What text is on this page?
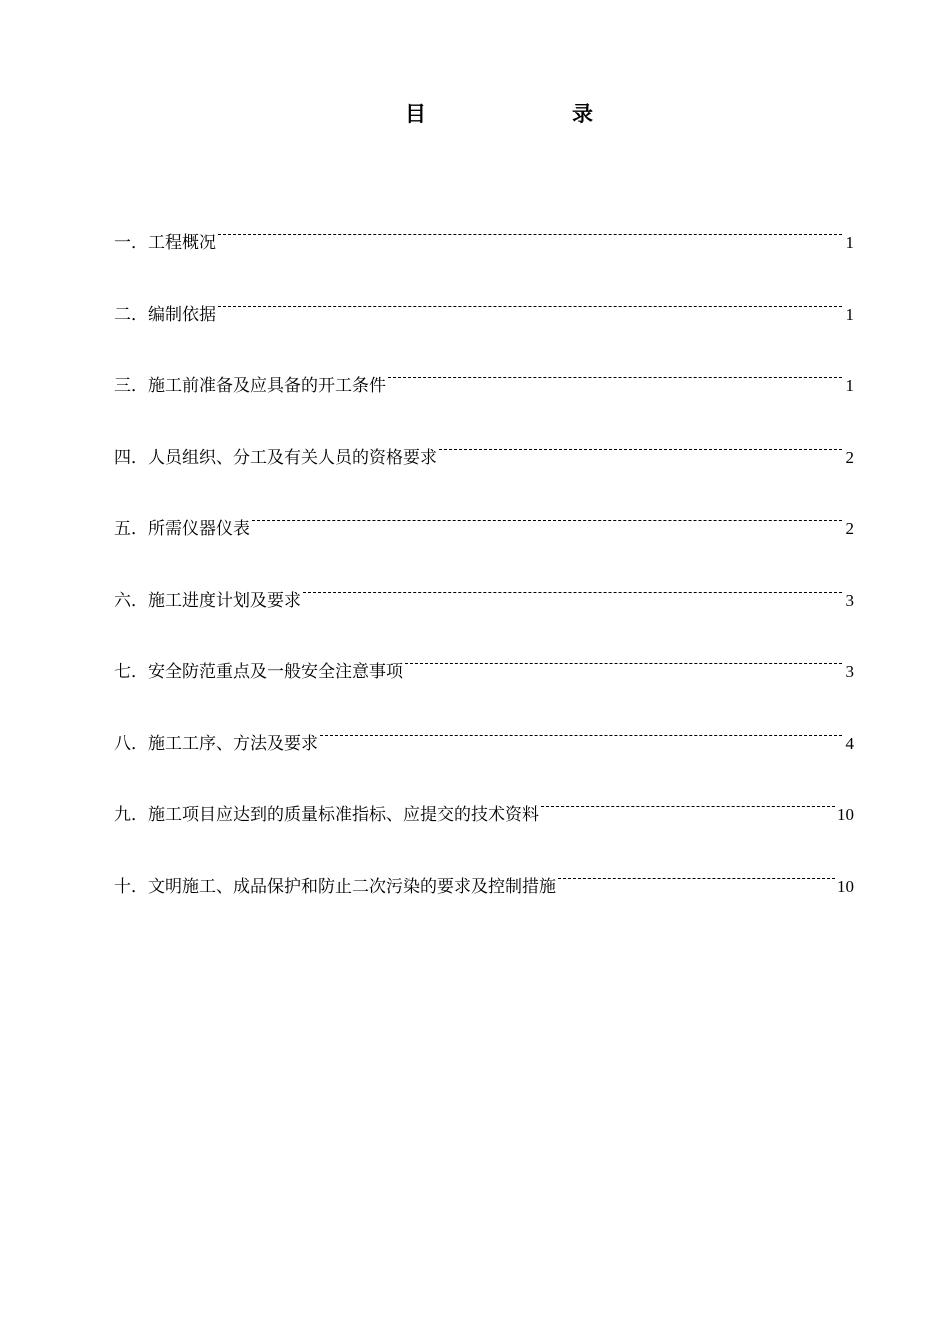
目	录
一． 工程概况	1
二． 编制依据	1
三． 施工前准备及应具备的开工条件	1
四． 人员组织、分工及有关人员的资格要求	2
五． 所需仪器仪表	2
六． 施工进度计划及要求	3
七． 安全防范重点及一般安全注意事项	3
八． 施工工序、方法及要求	4
九． 施工项目应达到的质量标准指标、应提交的技术资料	10
十． 文明施工、成品保护和防止二次污染的要求及控制措施	10
